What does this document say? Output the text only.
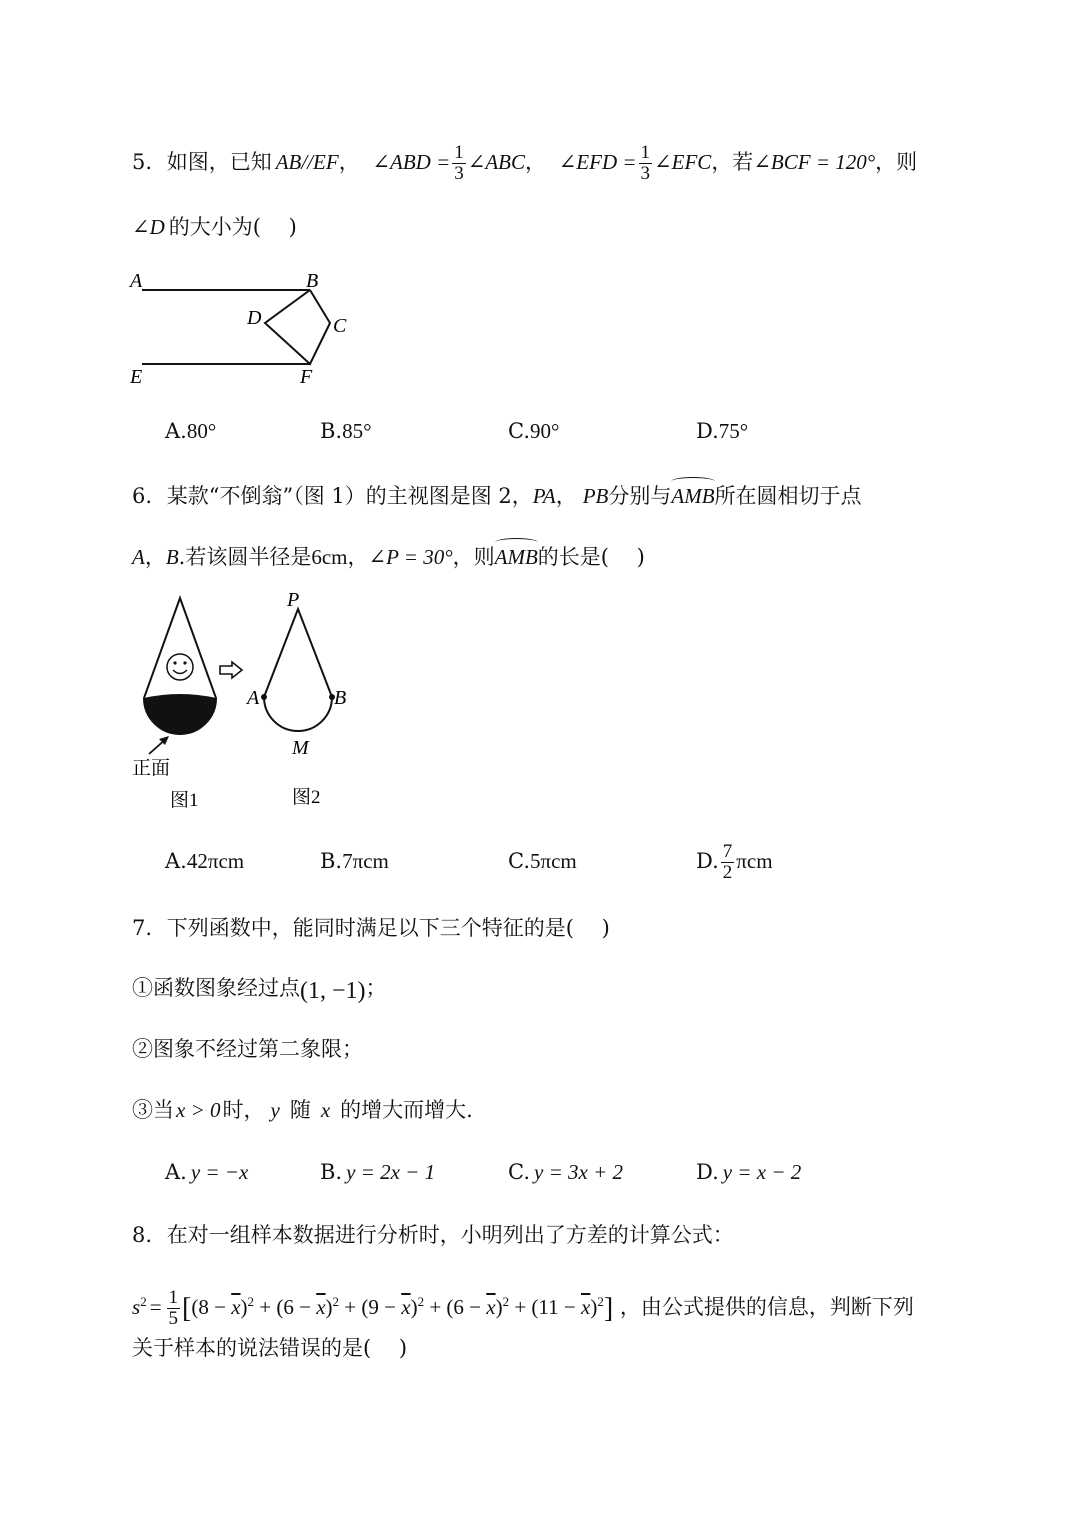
5. 如图，已知 AB//EF， ∠ABD = $\frac{1}{3}$ ∠ABC， ∠EFD = $\frac{1}{3}$ ∠EFC，若∠BCF = 120°，则
∠D 的大小为(　 )
A	B
D	C
E	F
A.80°	B.85°	C.90°	D.75°
6. 某款“不倒翁”（图 1）的主视图是图 2，PA， PB分别与AMB所在圆相切于点
A，B.若该圆半径是6cm，∠P = 30°，则AMB的长是(　 )
正面
图1
P
A	B
M
图2
A.42πcm	B.7πcm	C.5πcm	D. $\frac{7}{2}$ πcm
7. 下列函数中，能同时满足以下三个特征的是(　 )
①函数图象经过点(1, −1)；
②图象不经过第二象限；
③当x > 0时， y 随 x 的增大而增大.
A. y = −x	B. y = 2x − 1	C. y = 3x + 2	D. y = x − 2
8. 在对一组样本数据进行分析时，小明列出了方差的计算公式：
$s^2 = \frac{1}{5} [(8 - \overline{x})^2 + (6 - \overline{x})^2 + (9 - \overline{x})^2 + (6 - \overline{x})^2 + (11 - \overline{x})^2]$ ，由公式提供的信息，判断下列
关于样本的说法错误的是(　 )
